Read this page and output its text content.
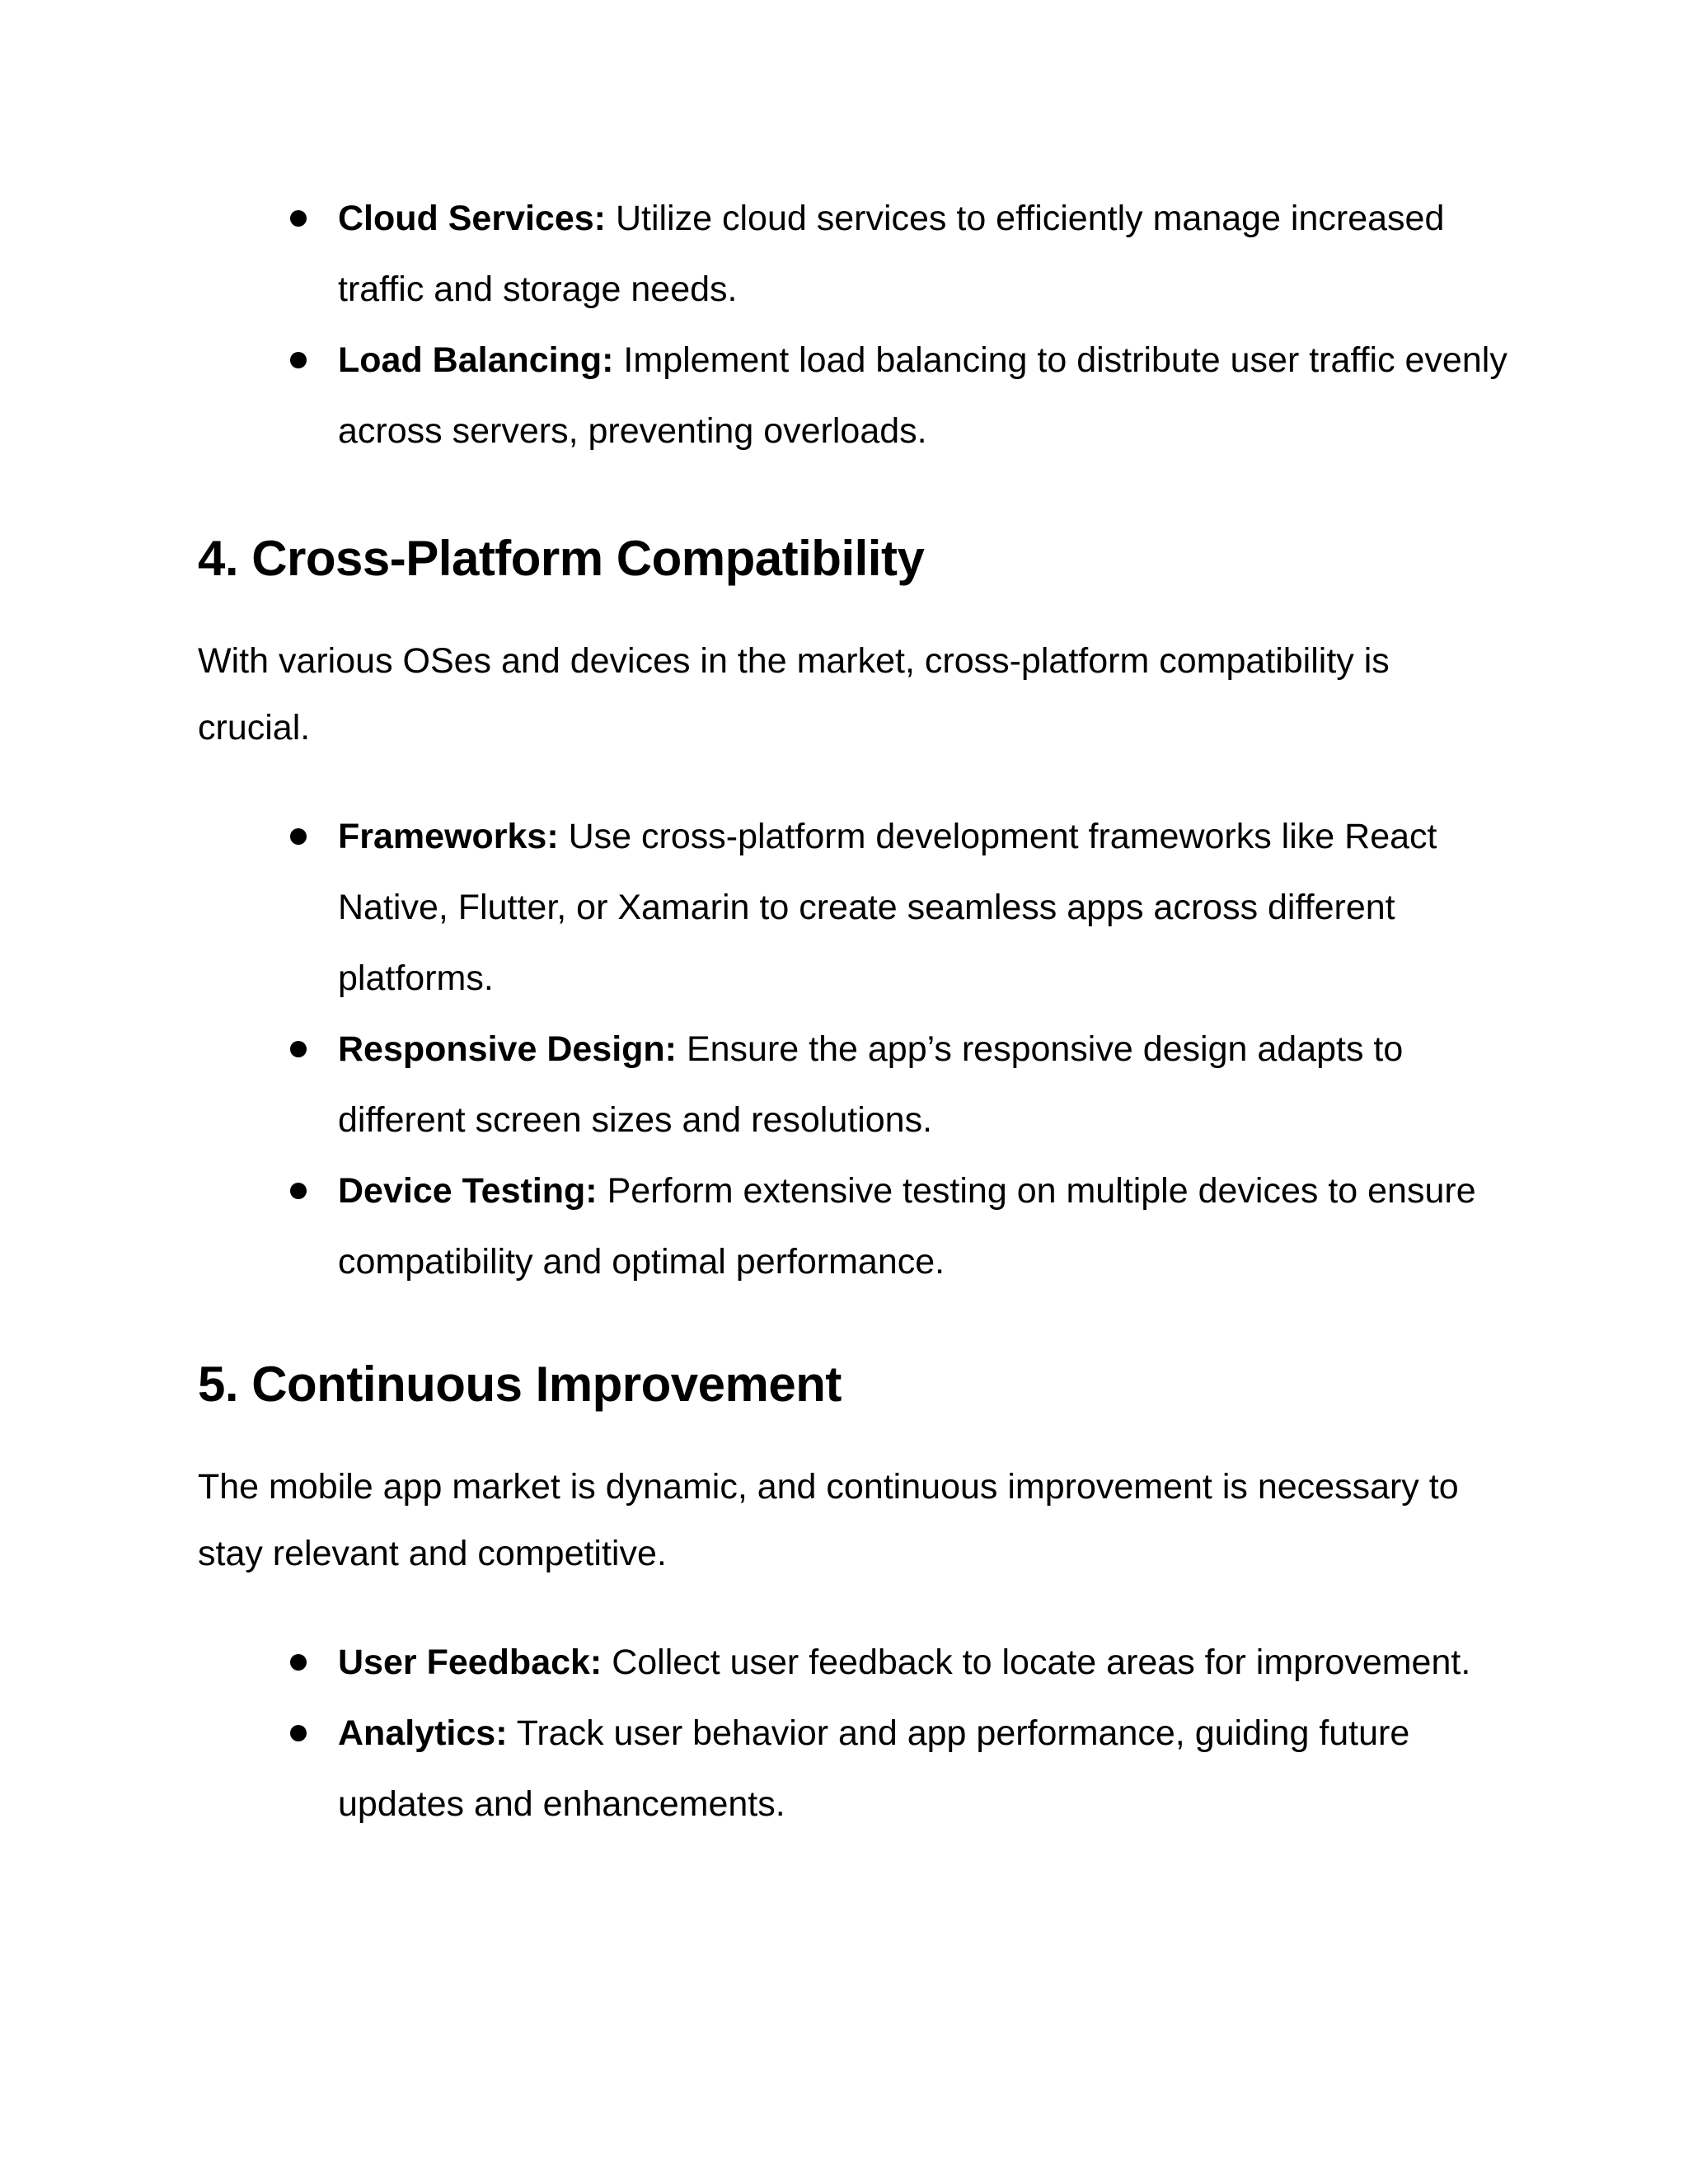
Cloud Services: Utilize cloud services to efficiently manage increased traffic and storage needs.
Load Balancing: Implement load balancing to distribute user traffic evenly across servers, preventing overloads.
4. Cross-Platform Compatibility

With various OSes and devices in the market, cross-platform compatibility is crucial.

Frameworks: Use cross-platform development frameworks like React Native, Flutter, or Xamarin to create seamless apps across different platforms.
Responsive Design: Ensure the app’s responsive design adapts to different screen sizes and resolutions.
Device Testing: Perform extensive testing on multiple devices to ensure compatibility and optimal performance.
5. Continuous Improvement

The mobile app market is dynamic, and continuous improvement is necessary to stay relevant and competitive.

User Feedback: Collect user feedback to locate areas for improvement.
Analytics: Track user behavior and app performance, guiding future updates and enhancements.
